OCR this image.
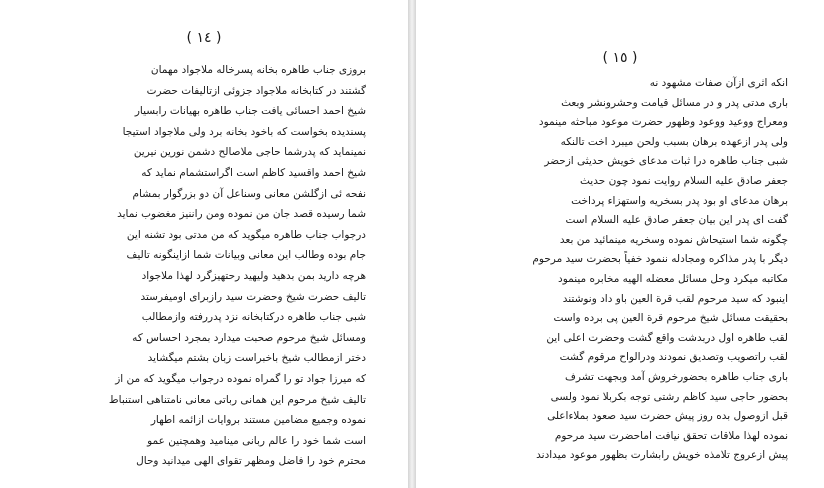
( ١٤ )
بروزی جناب طاهره بخانه پسرخاله ملاجواد مهمان
گشتند در کتابخانه ملاجواد جزوئی ازتالیفات حضرت
شیخ احمد احسائی یافت جناب طاهره بهیانات رابسیار
پسندیده بخواست که باخود بخانه برد ولی ملاجواد استیجا
نمینماید که پدرشما حاجی ملاصالح دشمن نورین نیرین
شیخ احمد واقسید کاظم است اگراستشمام نماید که
نفحه ئی ازگلشن معانی وسناعل آن دو بزرگوار بمشام
شما رسیده قصد جان من نموده ومن راننیز مغضوب نماید
درجواب جناب طاهره میگوید که من مدتی بود تشنه این
جام بوده وطالب این معانی وبیانات شما ازاینگونه تالیف
هرچه دارید بمن بدهید ولیهید رحتهیزگرد لهذا ملاجواد
تالیف حضرت شیخ وحضرت سید رازبرای اومیفرستد
شبی جناب طاهره درکتابخانه نزد پدررفته وازمطالب
ومسائل شیخ مرحوم صحبت میدارد بمجرد احساس که
دختر ازمطالب شیخ باخبراست زبان بشتم میگشاید
که میرزا جواد تو را گمراه نموده درجواب میگوید که من از
تالیف شیخ مرحوم این همانی رباتی معانی نامتناهی استنباط
نموده وجمیع مضامین مستند بروایات ازائمه اطهار
است شما خود را عالم ربانی مینامید وهمچنین عمو
محترم خود را فاضل ومظهر تقوای الهی میدانید وحال
( ١٥ )
انکه اثری ازآن صفات مشهود نه
باری مدتی پدر و در مسائل قیامت وحشرونشر وبعث
ومعراج ووعید ووعود وظهور حضرت موعود مباحثه مینمود
ولی پدر ازعهده برهان بسبب ولحن میبرد اخت تالنکه
شبی جناب طاهره درا ثبات مدعای خویش حدیثی ازحضر
جعفر صادق علیه السلام روایت نمود چون حدیث
برهان مدعای او بود پدر بسخریه واستهزاء پرداخت
گفت ای پدر این بیان جعفر صادق علیه السلام است
چگونه شما استیحاش نموده وسخریه مینمائید من بعد
دیگر با پدر مذاکره ومجادله ننمود خفیاً بحضرت سید مرحوم
مکاتبه میکرد وحل مسائل معضله الهیه مخابره مینمود
اینبود که سید مرحوم لقب قرة العین باو داد ونوشتند
بحقیقت مسائل شیخ مرحوم قرة العین پی برده واست
لقب طاهره اول دربدشت واقع گشت وحضرت اعلی این
لقب راتصویب وتصدیق نمودند ودرالواح مرقوم گشت
باری جناب طاهره بحضورخروش آمد وبجهت تشرف
بحضور حاجی سید کاظم رشتی توجه بکربلا نمود ولسی
قبل ازوصول بده روز پیش حضرت سید صعود بملاءاعلی
نموده لهذا ملاقات تحقق نیافت اماحضرت سید مرحوم
پیش ازعروج تلامذه خویش رابشارت بظهور موعود میدادند
